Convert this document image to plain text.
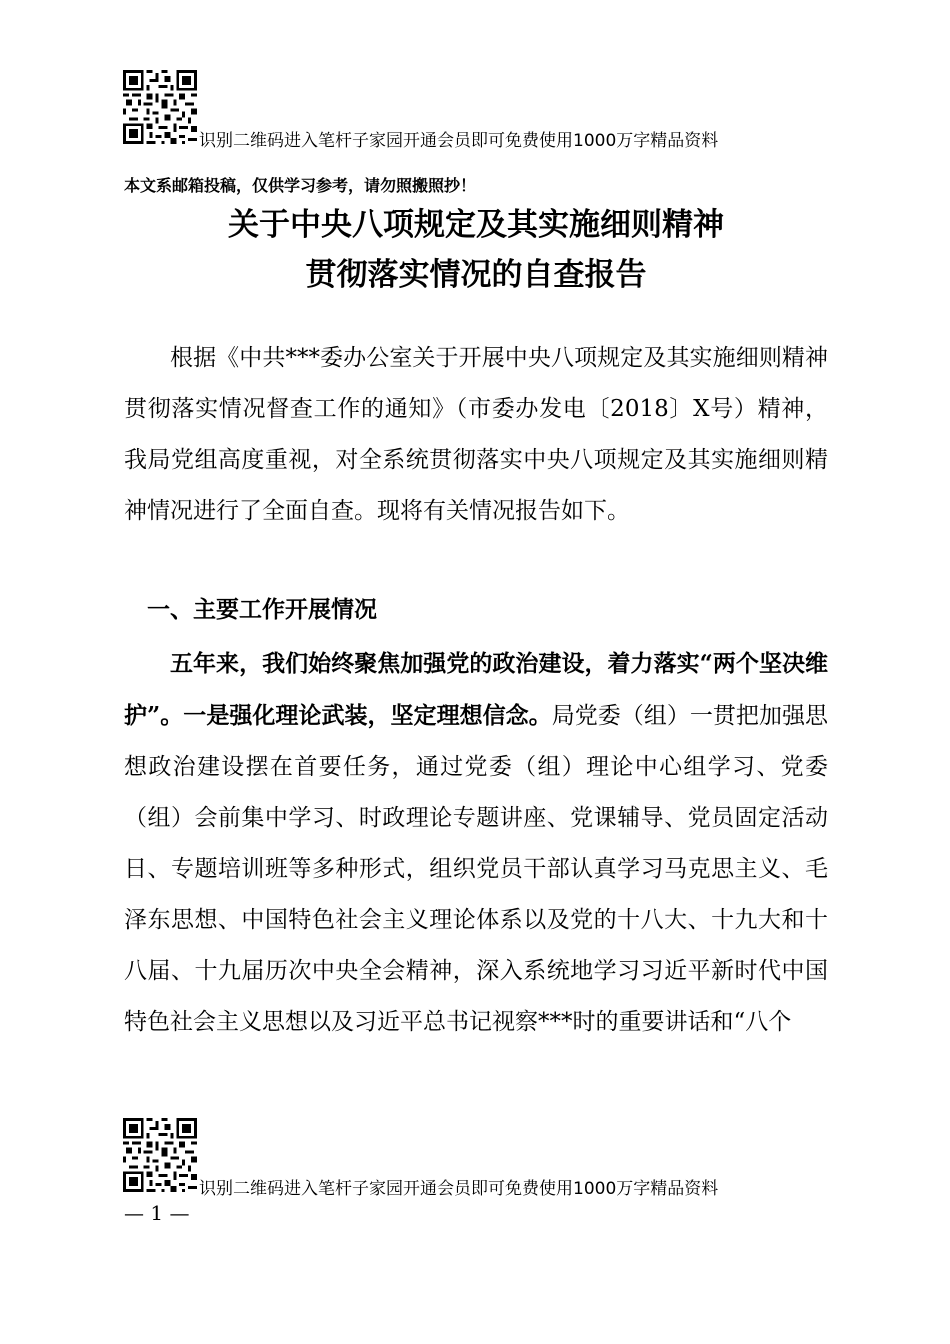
识别二维码进入笔杆子家园开通会员即可免费使用1000万字精品资料
本文系邮箱投稿，仅供学习参考，请勿照搬照抄！
关于中央八项规定及其实施细则精神
贯彻落实情况的自查报告

根据《中共***委办公室关于开展中央八项规定及其实施细则精神贯彻落实情况督查工作的通知》（市委办发电〔2018〕X号）精神，我局党组高度重视，对全系统贯彻落实中央八项规定及其实施细则精神情况进行了全面自查。现将有关情况报告如下。

一、主要工作开展情况

五年来，我们始终聚焦加强党的政治建设，着力落实“两个坚决维护”。一是强化理论武装，坚定理想信念。局党委（组）一贯把加强思想政治建设摆在首要任务，通过党委（组）理论中心组学习、党委（组）会前集中学习、时政理论专题讲座、党课辅导、党员固定活动日、专题培训班等多种形式，组织党员干部认真学习马克思主义、毛泽东思想、中国特色社会主义理论体系以及党的十八大、十九大和十八届、十九届历次中央全会精神，深入系统地学习习近平新时代中国特色社会主义思想以及习近平总书记视察***时的重要讲话和“八个

识别二维码进入笔杆子家园开通会员即可免费使用1000万字精品资料
— 1 —
